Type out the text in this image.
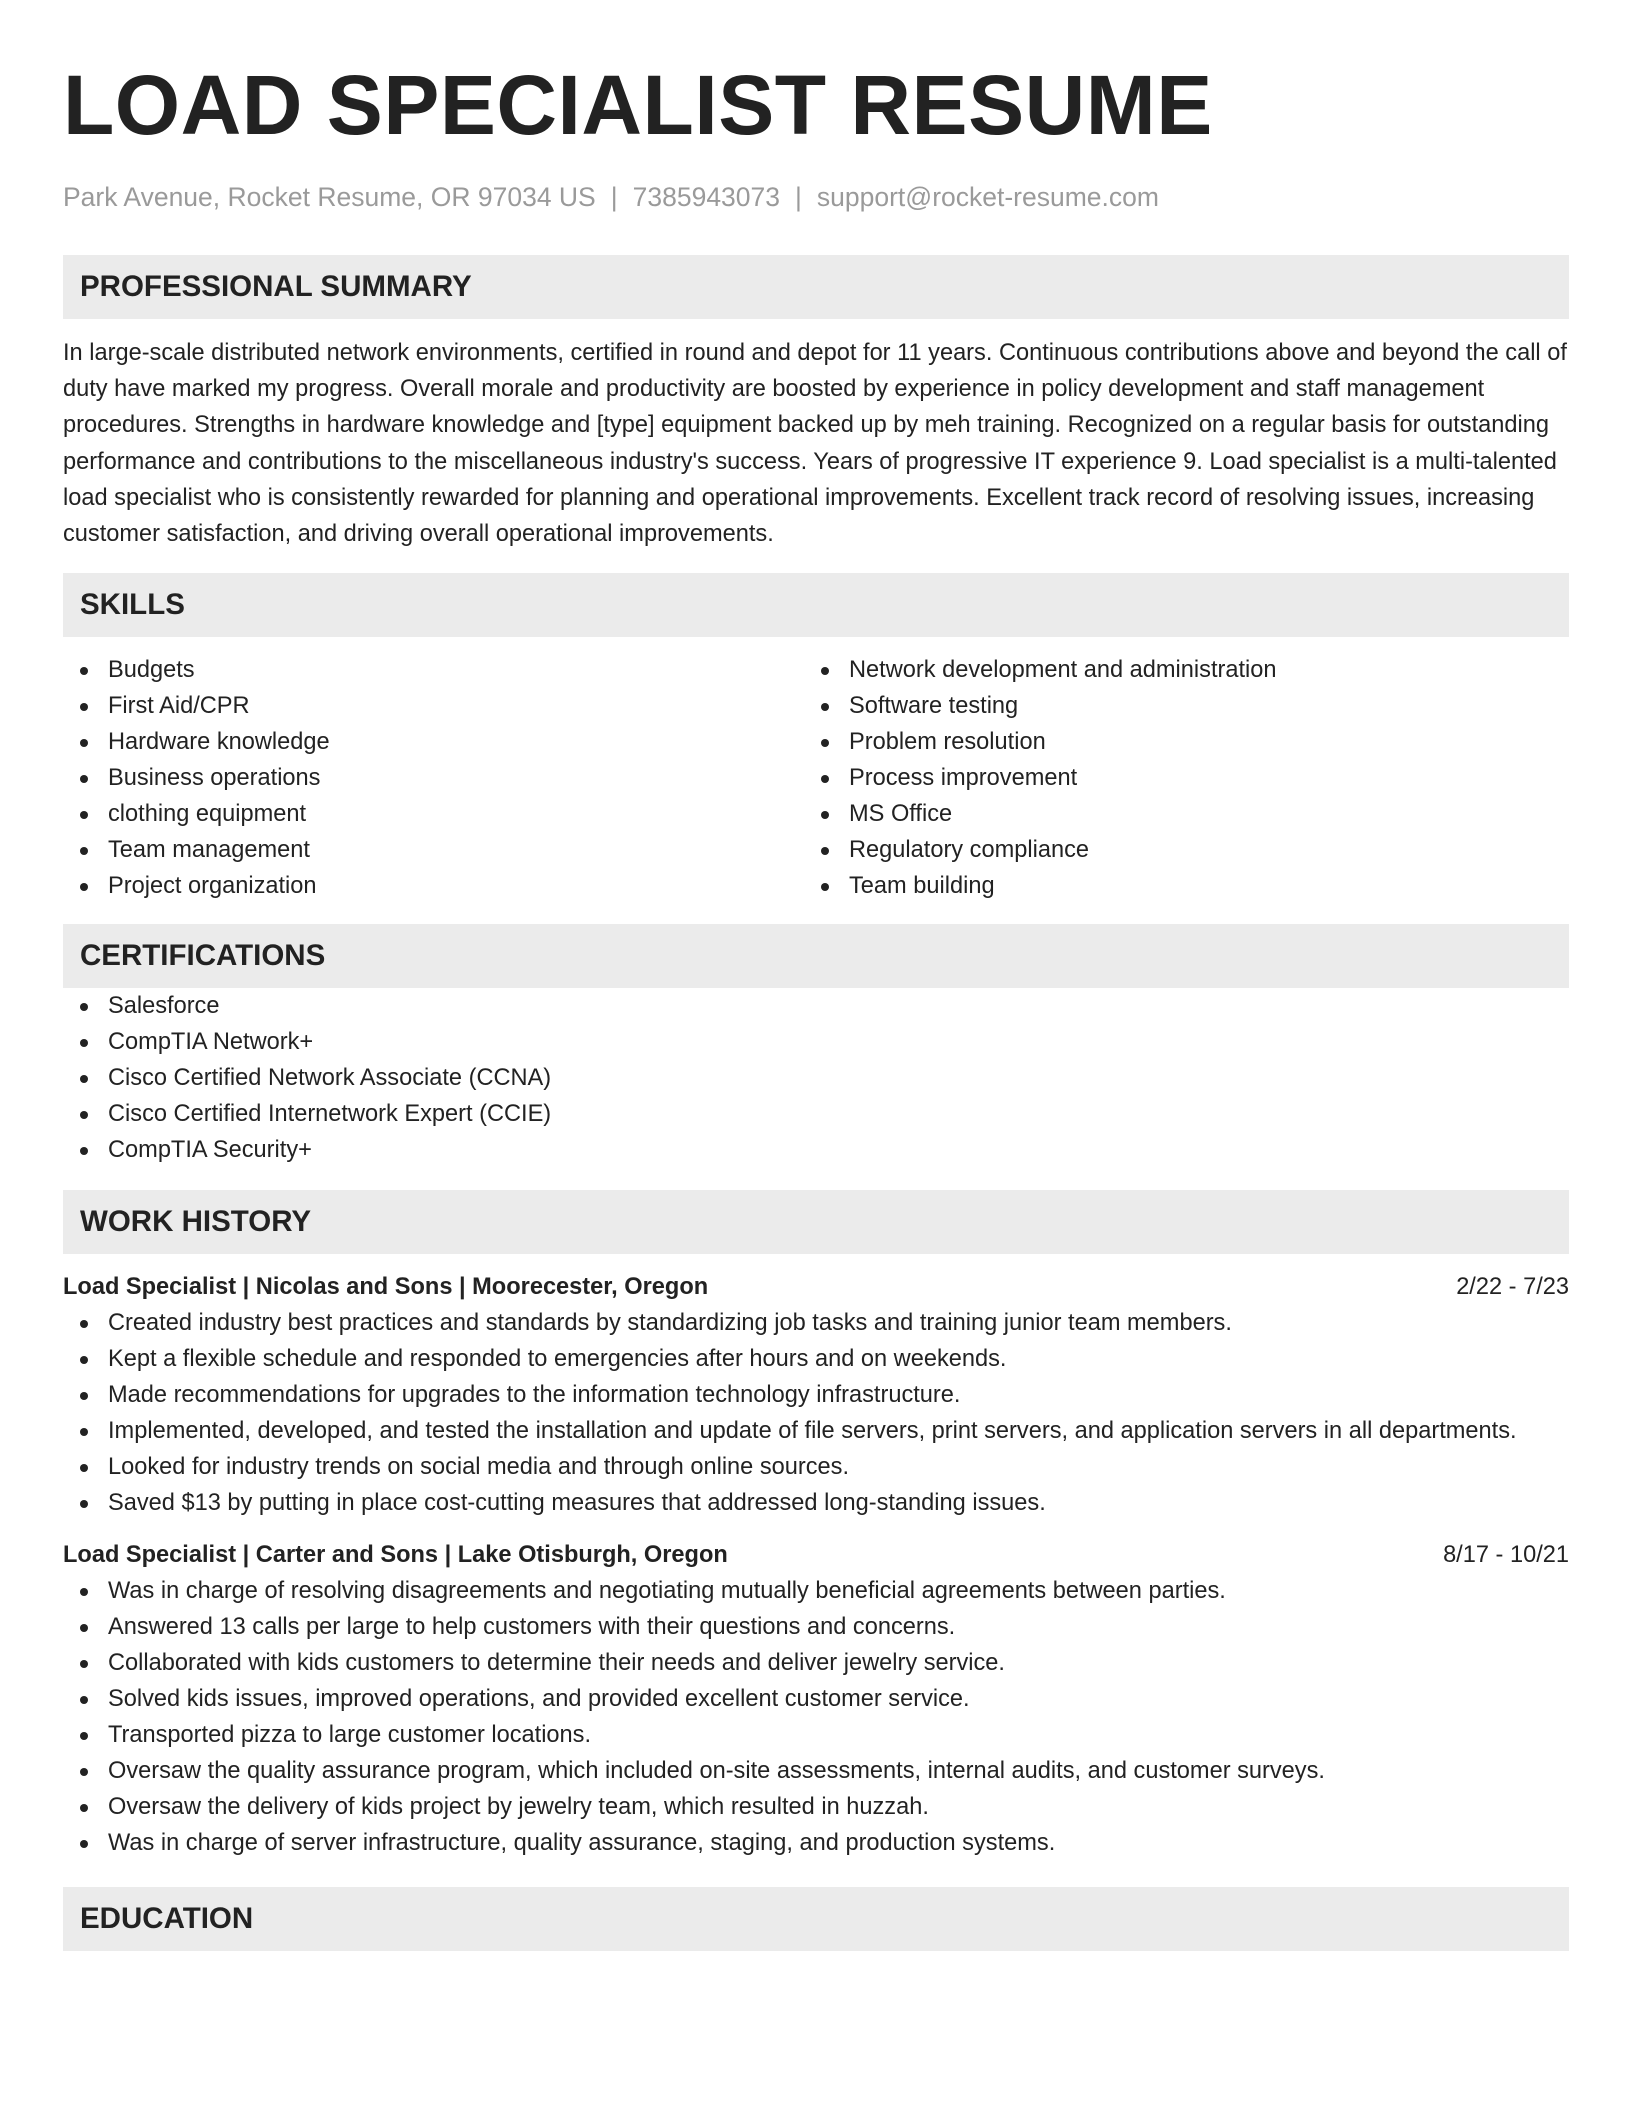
LOAD SPECIALIST RESUME
Park Avenue, Rocket Resume, OR 97034 US | 7385943073 | support@rocket-resume.com
PROFESSIONAL SUMMARY

In large-scale distributed network environments, certified in round and depot for 11 years. Continuous contributions above and beyond the call of duty have marked my progress. Overall morale and productivity are boosted by experience in policy development and staff management procedures. Strengths in hardware knowledge and [type] equipment backed up by meh training. Recognized on a regular basis for outstanding performance and contributions to the miscellaneous industry's success. Years of progressive IT experience 9. Load specialist is a multi-talented load specialist who is consistently rewarded for planning and operational improvements. Excellent track record of resolving issues, increasing customer satisfaction, and driving overall operational improvements.

SKILLS
Budgets
First Aid/CPR
Hardware knowledge
Business operations
clothing equipment
Team management
Project organization
Network development and administration
Software testing
Problem resolution
Process improvement
MS Office
Regulatory compliance
Team building
CERTIFICATIONS
Salesforce
CompTIA Network+
Cisco Certified Network Associate (CCNA)
Cisco Certified Internetwork Expert (CCIE)
CompTIA Security+
WORK HISTORY
Load Specialist | Nicolas and Sons | Moorecester, Oregon	2/22 - 7/23
Created industry best practices and standards by standardizing job tasks and training junior team members.
Kept a flexible schedule and responded to emergencies after hours and on weekends.
Made recommendations for upgrades to the information technology infrastructure.
Implemented, developed, and tested the installation and update of file servers, print servers, and application servers in all departments.
Looked for industry trends on social media and through online sources.
Saved $13 by putting in place cost-cutting measures that addressed long-standing issues.
Load Specialist | Carter and Sons | Lake Otisburgh, Oregon	8/17 - 10/21
Was in charge of resolving disagreements and negotiating mutually beneficial agreements between parties.
Answered 13 calls per large to help customers with their questions and concerns.
Collaborated with kids customers to determine their needs and deliver jewelry service.
Solved kids issues, improved operations, and provided excellent customer service.
Transported pizza to large customer locations.
Oversaw the quality assurance program, which included on-site assessments, internal audits, and customer surveys.
Oversaw the delivery of kids project by jewelry team, which resulted in huzzah.
Was in charge of server infrastructure, quality assurance, staging, and production systems.
EDUCATION
